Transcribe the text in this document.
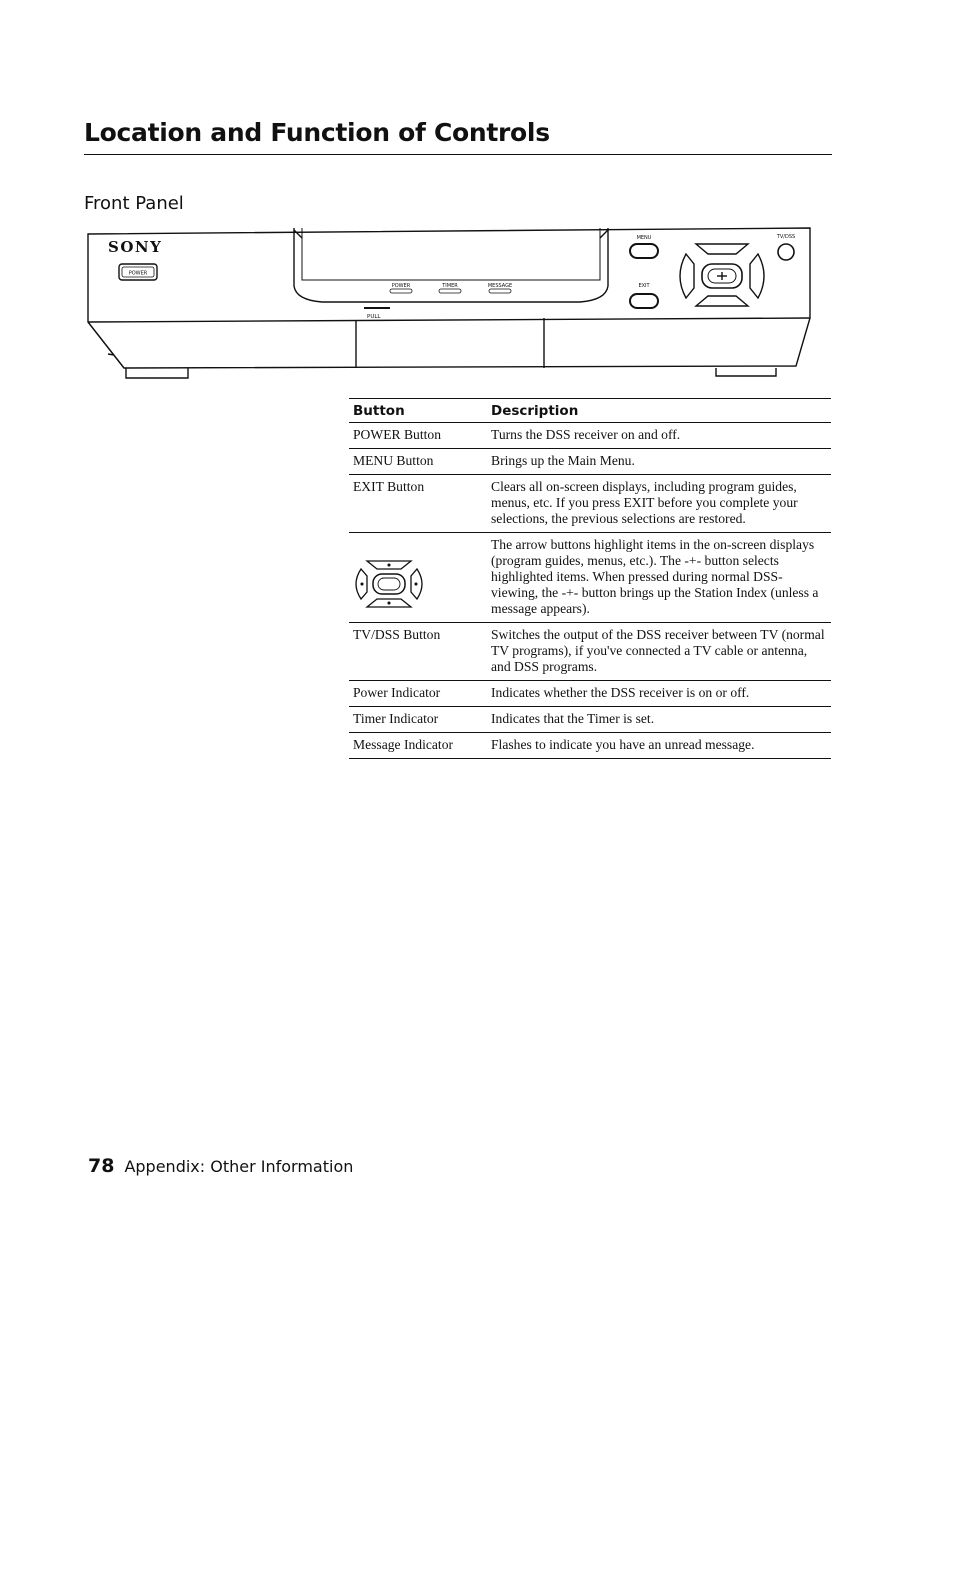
Location and Function of Controls
Front Panel
PULL
SONY
POWER
POWER	TIMER	MESSAGE
MENU
EXIT
TV/DSS
Button	Description
POWER Button	Turns the DSS receiver on and off.
MENU Button	Brings up the Main Menu.
EXIT Button	Clears all on-screen displays, including program guides, menus, etc. If you press EXIT before you complete your selections, the previous selections are restored.

	The arrow buttons highlight items in the on-screen displays (program guides, menus, etc.). The -+- button selects highlighted items. When pressed during normal DSS-viewing, the -+- button brings up the Station Index (unless a message appears).
TV/DSS Button	Switches the output of the DSS receiver between TV (normal TV programs), if you've connected a TV cable or antenna, and DSS programs.
Power Indicator	Indicates whether the DSS receiver is on or off.
Timer Indicator	Indicates that the Timer is set.
Message Indicator	Flashes to indicate you have an unread message.
78 Appendix: Other Information
